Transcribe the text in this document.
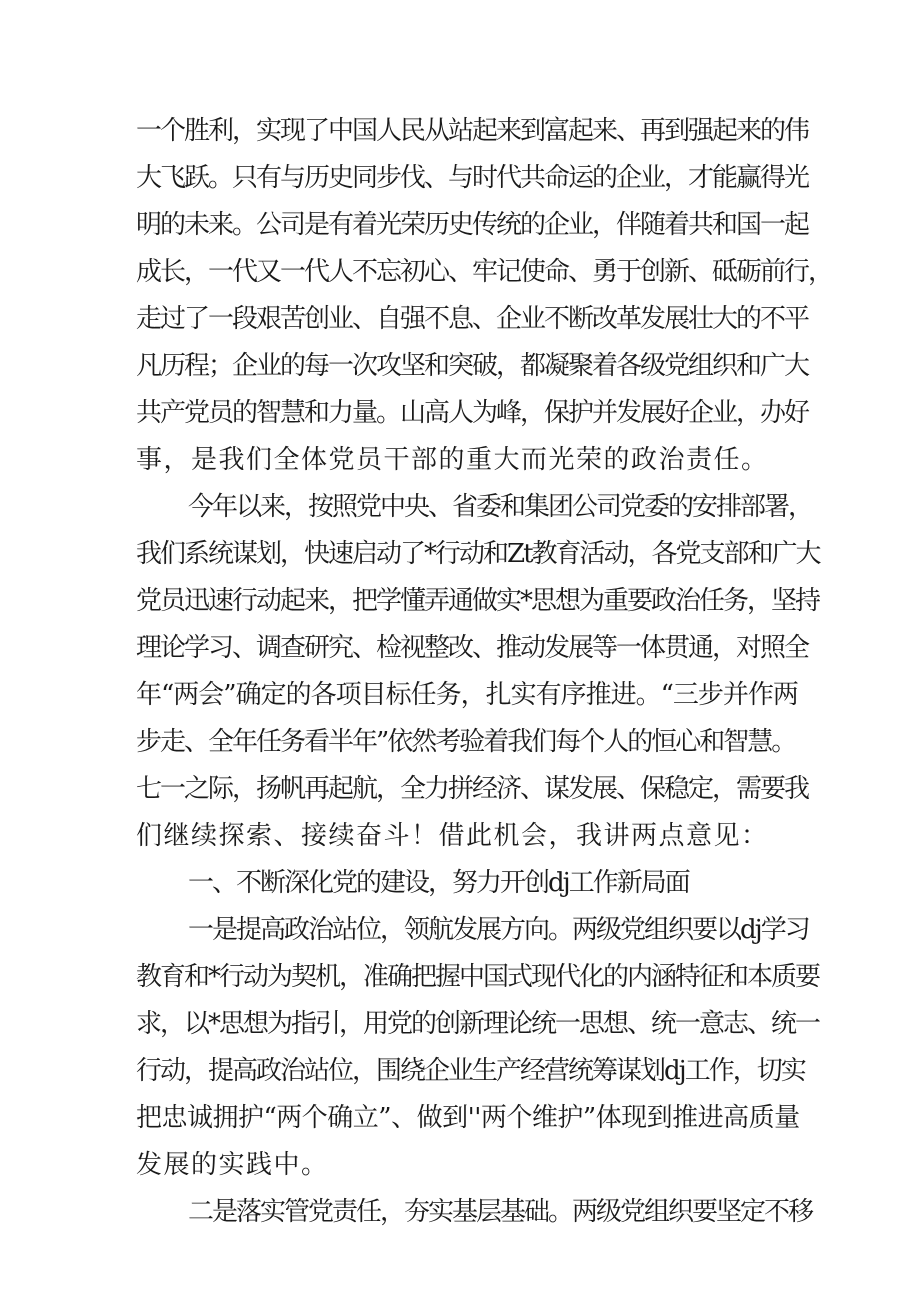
一个胜利，实现了中国人民从站起来到富起来、再到强起来的伟
大飞跃。只有与历史同步伐、与时代共命运的企业，才能赢得光
明的未来。公司是有着光荣历史传统的企业，伴随着共和国一起
成长，一代又一代人不忘初心、牢记使命、勇于创新、砥砺前行，
走过了一段艰苦创业、自强不息、企业不断改革发展壮大的不平
凡历程；企业的每一次攻坚和突破，都凝聚着各级党组织和广大
共产党员的智慧和力量。山高人为峰，保护并发展好企业，办好
事，是我们全体党员干部的重大而光荣的政治责任。
今年以来，按照党中央、省委和集团公司党委的安排部署，
我们系统谋划，快速启动了*行动和Zt教育活动，各党支部和广大
党员迅速行动起来，把学懂弄通做实*思想为重要政治任务，坚持
理论学习、调查研究、检视整改、推动发展等一体贯通，对照全
年“两会”确定的各项目标任务，扎实有序推进。“三步并作两
步走、全年任务看半年”依然考验着我们每个人的恒心和智慧。
七一之际，扬帆再起航，全力拼经济、谋发展、保稳定，需要我
们继续探索、接续奋斗！借此机会，我讲两点意见：
一、不断深化党的建设，努力开创dj工作新局面
一是提高政治站位，领航发展方向。两级党组织要以dj学习
教育和*行动为契机，准确把握中国式现代化的内涵特征和本质要
求，以*思想为指引，用党的创新理论统一思想、统一意志、统一
行动，提高政治站位，围绕企业生产经营统筹谋划dj工作，切实
把忠诚拥护“两个确立”、做到''两个维护”体现到推进高质量
发展的实践中。
二是落实管党责任，夯实基层基础。两级党组织要坚定不移
